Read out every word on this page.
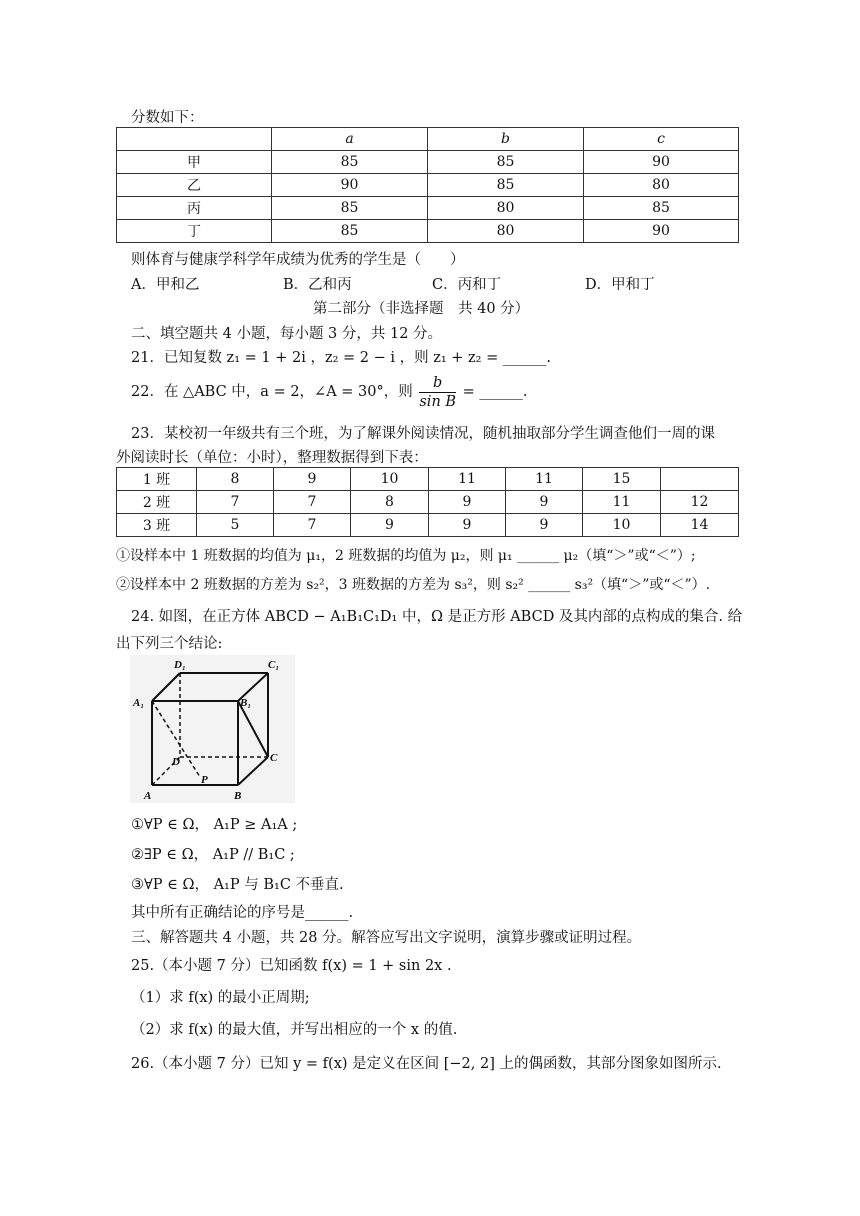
分数如下：
	a	b	c
甲	85	85	90
乙	90	85	80
丙	85	80	85
丁	85	80	90
则体育与健康学科学年成绩为优秀的学生是（　　）
A．甲和乙	B．乙和丙	C．丙和丁	D．甲和丁
第二部分（非选择题　共 40 分）
二、填空题共 4 小题，每小题 3 分，共 12 分。
21．已知复数 z₁ = 1 + 2i ，z₂ = 2 − i ，则 z₁ + z₂ = ______.
22．在 △ABC 中，a = 2，∠A = 30°，则 $\frac{b}{\text{sin B}}$ = ______.
23．某校初一年级共有三个班，为了解课外阅读情况，随机抽取部分学生调查他们一周的课
外阅读时长（单位：小时），整理数据得到下表：
1 班	8	9	10	11	11	15	
2 班	7	7	8	9	9	11	12
3 班	5	7	9	9	9	10	14
①设样本中 1 班数据的均值为 μ₁，2 班数据的均值为 μ₂，则 μ₁ ______ μ₂（填“＞”或“＜”）;
②设样本中 2 班数据的方差为 s₂²，3 班数据的方差为 s₃²，则 s₂² ______ s₃²（填“＞”或“＜”）.
24. 如图，在正方体 ABCD − A₁B₁C₁D₁ 中，Ω 是正方形 ABCD 及其内部的点构成的集合. 给
出下列三个结论:
D₁	C₁
A₁	B₁
D	C
P
A	B
①∀P ∈ Ω， A₁P ≥ A₁A ;
②∃P ∈ Ω， A₁P // B₁C ;
③∀P ∈ Ω， A₁P 与 B₁C 不垂直.
其中所有正确结论的序号是______.
三、解答题共 4 小题，共 28 分。解答应写出文字说明，演算步骤或证明过程。
25.（本小题 7 分）已知函数 f(x) = 1 + sin 2x .
（1）求 f(x) 的最小正周期;
（2）求 f(x) 的最大值，并写出相应的一个 x 的值.
26.（本小题 7 分）已知 y = f(x) 是定义在区间 [−2, 2] 上的偶函数，其部分图象如图所示.
